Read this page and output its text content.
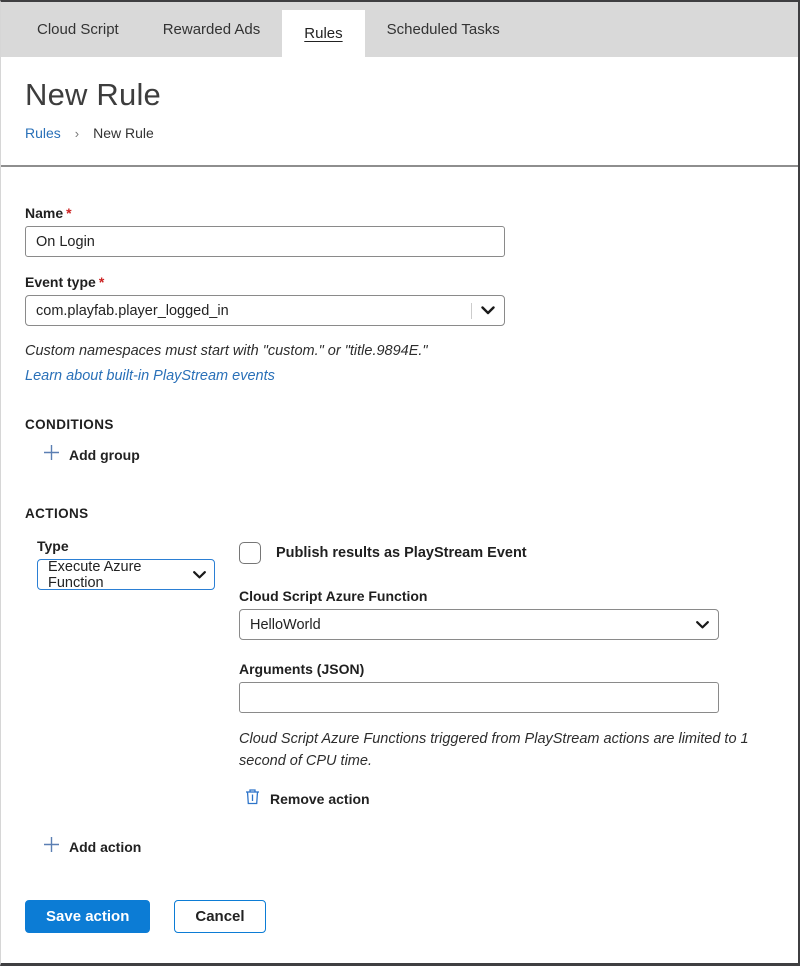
Cloud Script	Rewarded Ads	Rules	Scheduled Tasks
New Rule
Rules › New Rule
Name *
On Login
Event type *
com.playfab.player_logged_in
Custom namespaces must start with "custom." or "title.9894E."
Learn about built-in PlayStream events
CONDITIONS
Add group
ACTIONS
Type
Execute Azure Function
Publish results as PlayStream Event
Cloud Script Azure Function
HelloWorld
Arguments (JSON)
Cloud Script Azure Functions triggered from PlayStream actions are limited to 1 second of CPU time.
Remove action
Add action
Save action	Cancel
